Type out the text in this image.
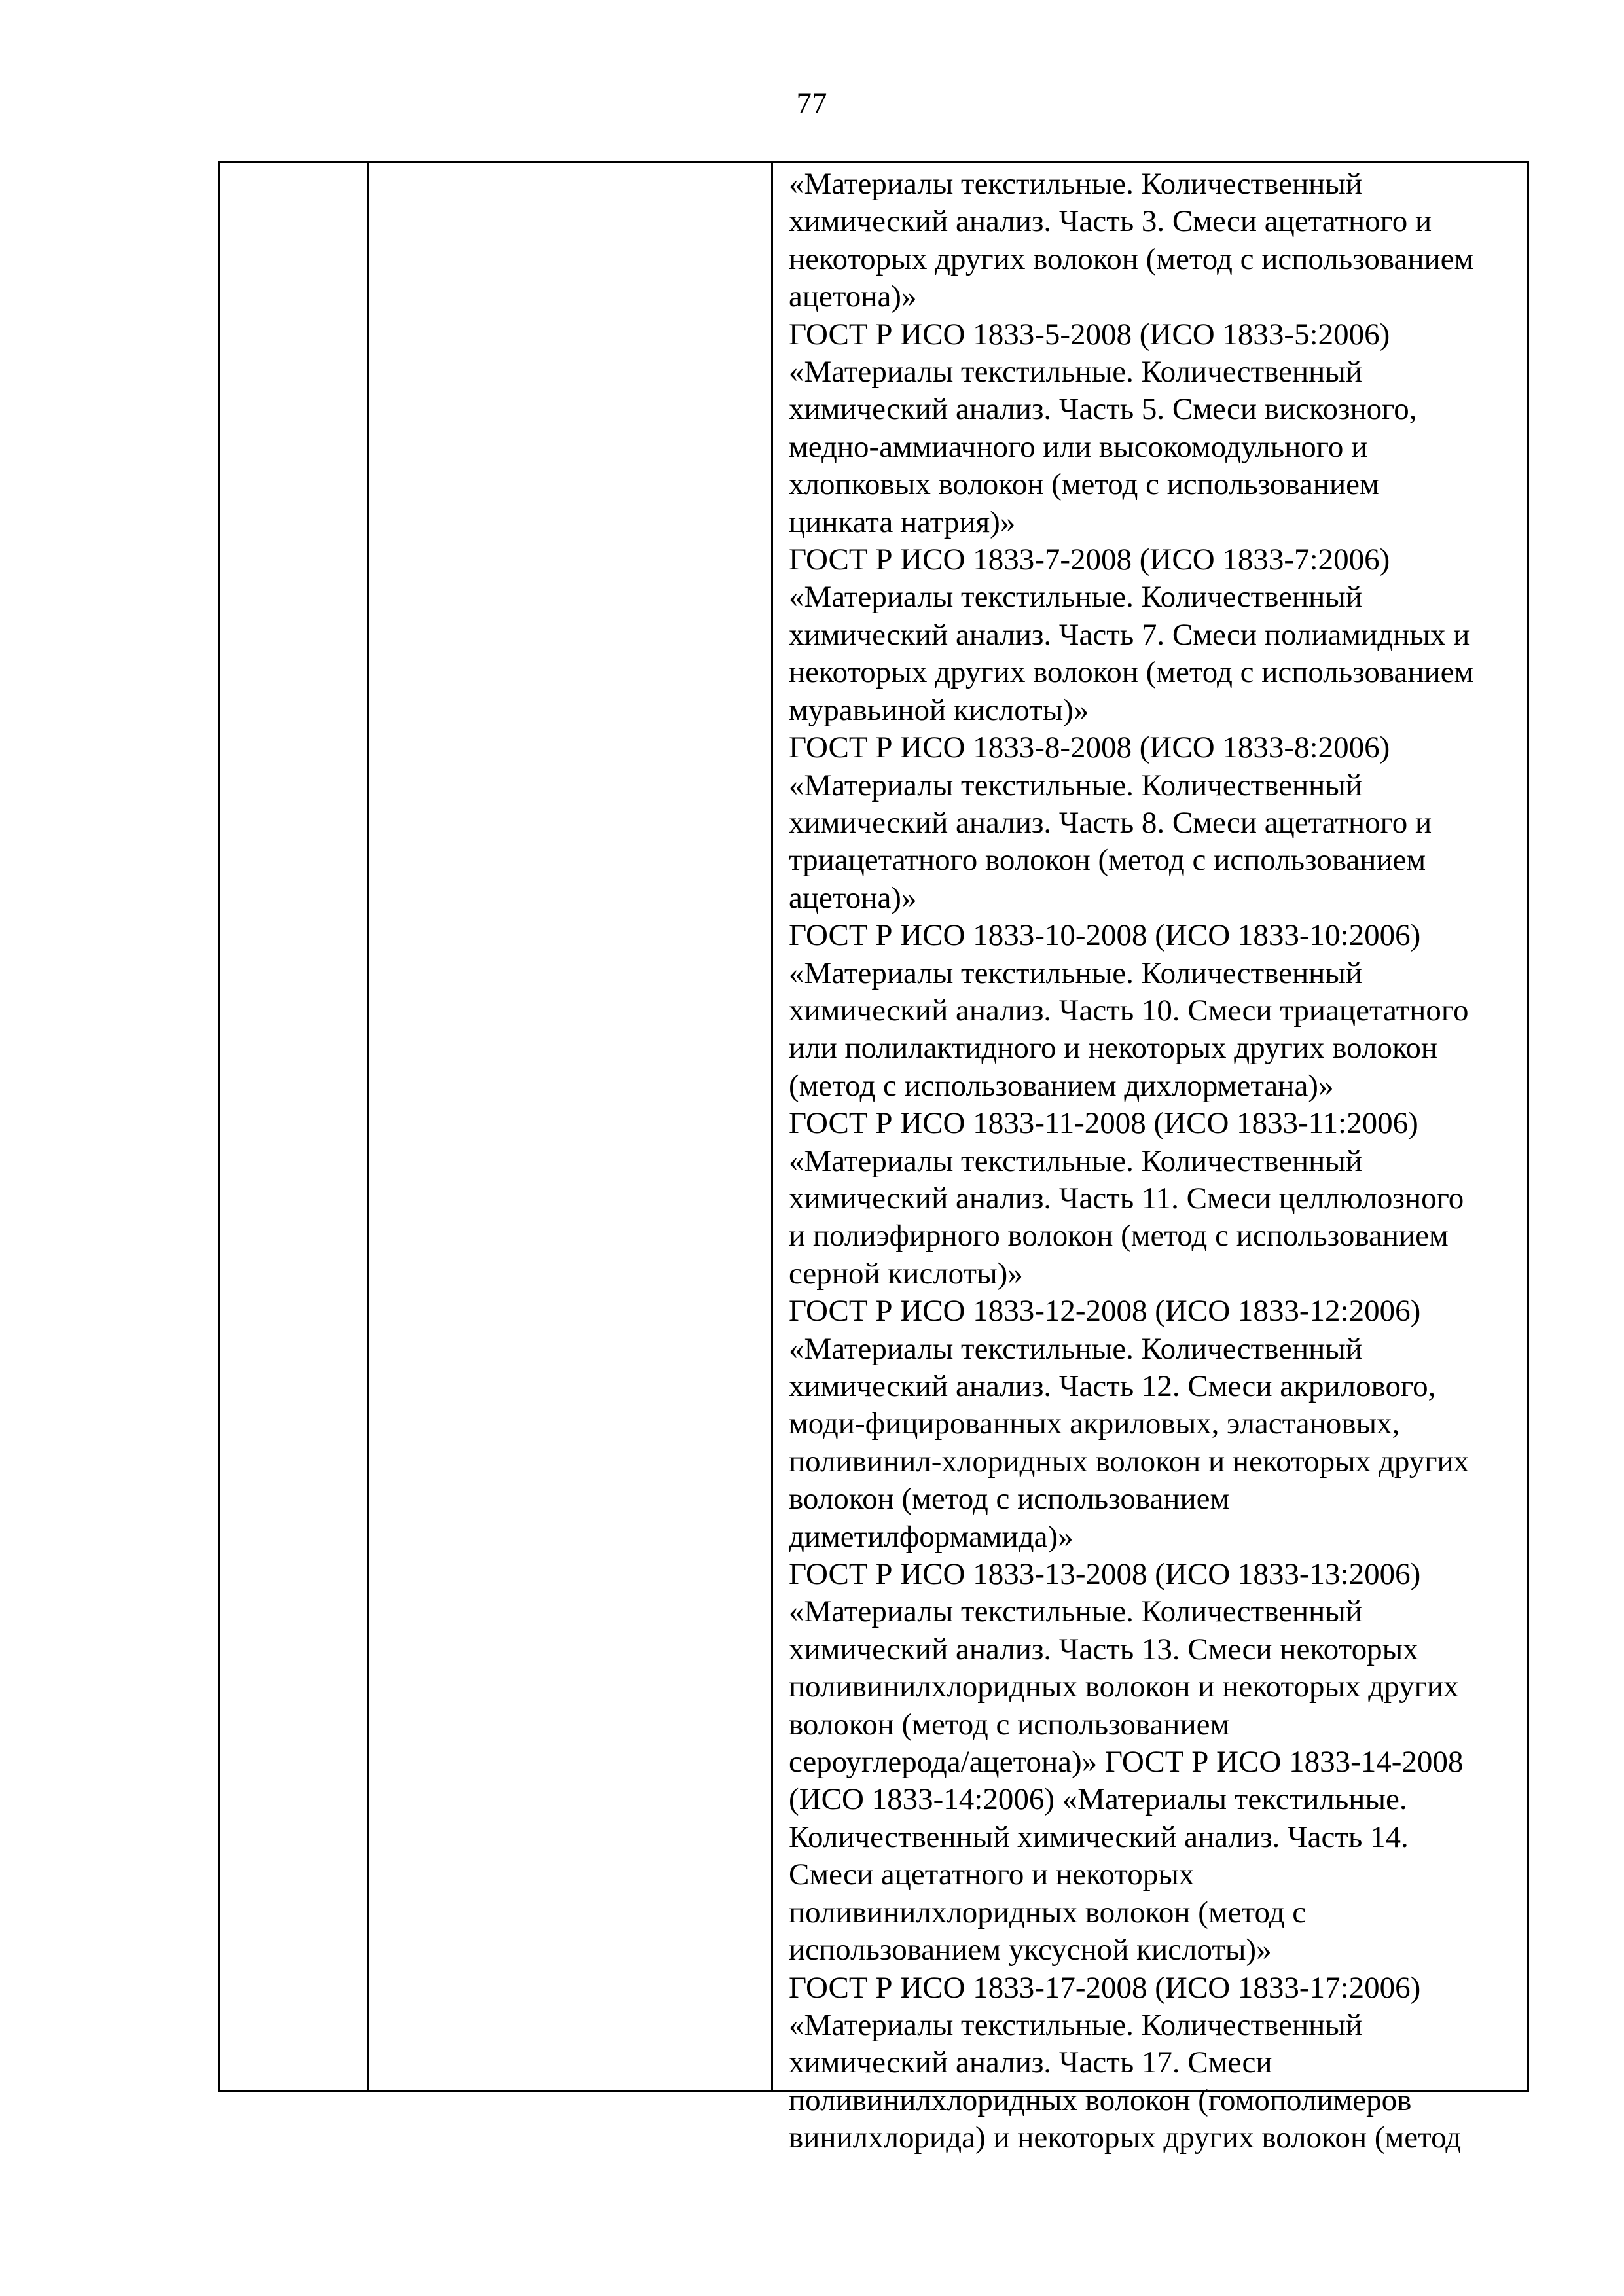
77
«Материалы текстильные. Количественный
химический анализ. Часть 3. Смеси ацетатного и
некоторых других волокон (метод с использованием
ацетона)»
ГОСТ Р ИСО 1833-5-2008 (ИСО 1833-5:2006)
«Материалы текстильные. Количественный
химический анализ. Часть 5. Смеси вискозного,
медно-аммиачного или высокомодульного и
хлопковых волокон (метод с использованием
цинката натрия)»
ГОСТ Р ИСО 1833-7-2008 (ИСО 1833-7:2006)
«Материалы текстильные. Количественный
химический анализ. Часть 7. Смеси полиамидных и
некоторых других волокон (метод с использованием
муравьиной кислоты)»
ГОСТ Р ИСО 1833-8-2008 (ИСО 1833-8:2006)
«Материалы текстильные. Количественный
химический анализ. Часть 8. Смеси ацетатного и
триацетатного волокон (метод с использованием
ацетона)»
ГОСТ Р ИСО 1833-10-2008 (ИСО 1833-10:2006)
«Материалы текстильные. Количественный
химический анализ. Часть 10. Смеси триацетатного
или полилактидного и некоторых других волокон
(метод с использованием дихлорметана)»
ГОСТ Р ИСО 1833-11-2008 (ИСО 1833-11:2006)
«Материалы текстильные. Количественный
химический анализ. Часть 11. Смеси целлюлозного
и полиэфирного волокон (метод с использованием
серной кислоты)»
ГОСТ Р ИСО 1833-12-2008 (ИСО 1833-12:2006)
«Материалы текстильные. Количественный
химический анализ. Часть 12. Смеси акрилового,
моди-фицированных акриловых, эластановых,
поливинил-хлоридных волокон и некоторых других
волокон (метод с использованием
диметилформамида)»
ГОСТ Р ИСО 1833-13-2008 (ИСО 1833-13:2006)
«Материалы текстильные. Количественный
химический анализ. Часть 13. Смеси некоторых
поливинилхлоридных волокон и некоторых других
волокон (метод с использованием
сероуглерода/ацетона)» ГОСТ Р ИСО 1833-14-2008
(ИСО 1833-14:2006) «Материалы текстильные.
Количественный химический анализ. Часть 14.
Смеси ацетатного и некоторых
поливинилхлоридных волокон (метод с
использованием уксусной кислоты)»
ГОСТ Р ИСО 1833-17-2008 (ИСО 1833-17:2006)
«Материалы текстильные. Количественный
химический анализ. Часть 17. Смеси
поливинилхлоридных волокон (гомополимеров
винилхлорида) и некоторых других волокон (метод
